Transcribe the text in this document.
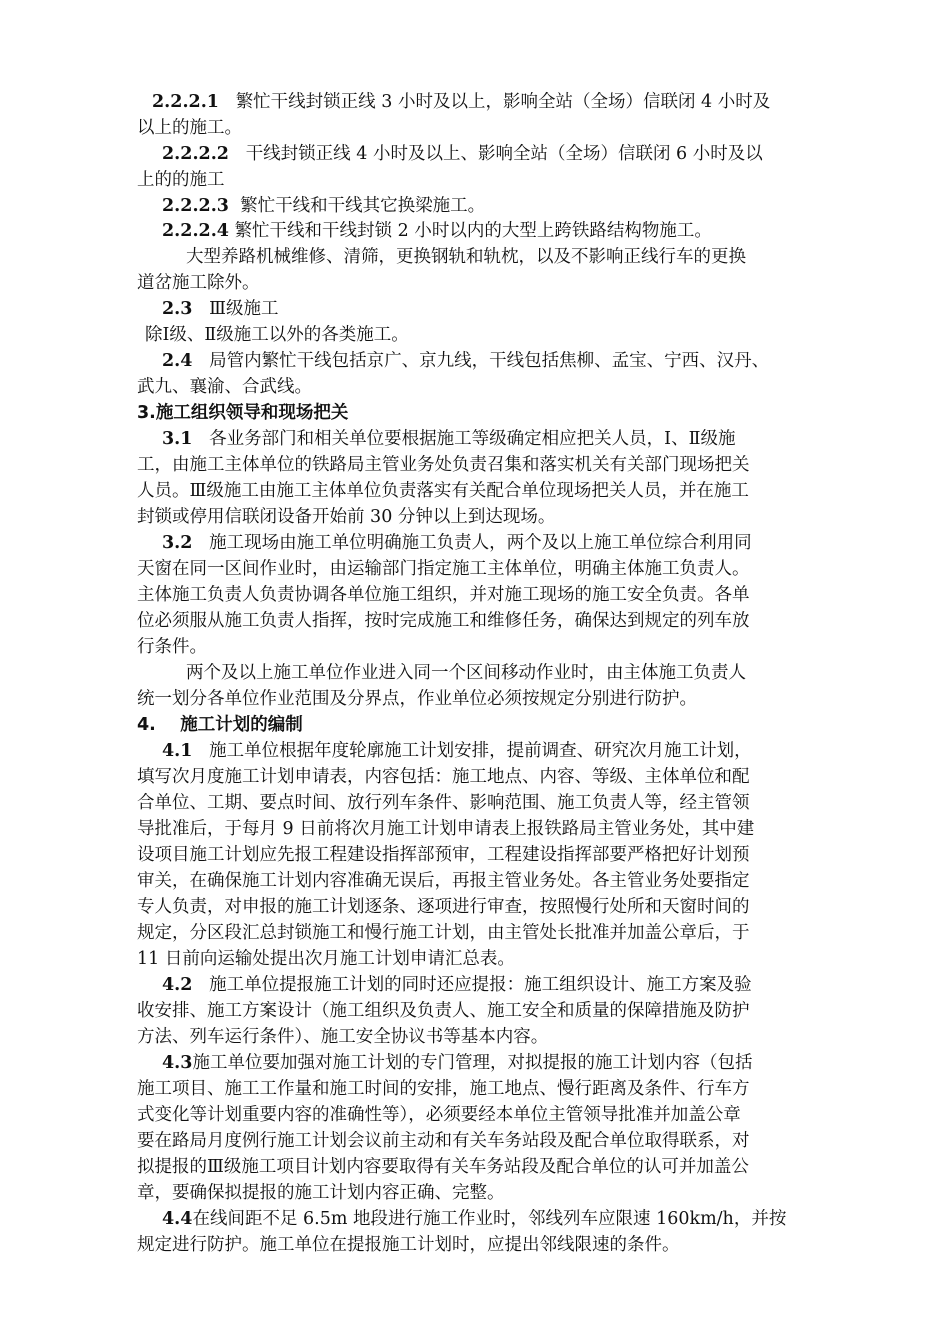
2.2.2.1 繁忙干线封锁正线 3 小时及以上，影响全站（全场）信联闭 4 小时及
以上的施工。
2.2.2.2 干线封锁正线 4 小时及以上、影响全站（全场）信联闭 6 小时及以
上的的施工
2.2.2.3 繁忙干线和干线其它换梁施工。
2.2.2.4 繁忙干线和干线封锁 2 小时以内的大型上跨铁路结构物施工。
大型养路机械维修、清筛，更换钢轨和轨枕，以及不影响正线行车的更换
道岔施工除外。
2.3 Ⅲ级施工
除Ⅰ级、Ⅱ级施工以外的各类施工。
2.4 局管内繁忙干线包括京广、京九线，干线包括焦柳、孟宝、宁西、汉丹、
武九、襄渝、合武线。
3.施工组织领导和现场把关
3.1 各业务部门和相关单位要根据施工等级确定相应把关人员，Ⅰ、Ⅱ级施
工，由施工主体单位的铁路局主管业务处负责召集和落实机关有关部门现场把关
人员。Ⅲ级施工由施工主体单位负责落实有关配合单位现场把关人员，并在施工
封锁或停用信联闭设备开始前 30 分钟以上到达现场。
3.2 施工现场由施工单位明确施工负责人，两个及以上施工单位综合利用同
天窗在同一区间作业时，由运输部门指定施工主体单位，明确主体施工负责人。
主体施工负责人负责协调各单位施工组织，并对施工现场的施工安全负责。各单
位必须服从施工负责人指挥，按时完成施工和维修任务，确保达到规定的列车放
行条件。
两个及以上施工单位作业进入同一个区间移动作业时，由主体施工负责人
统一划分各单位作业范围及分界点，作业单位必须按规定分别进行防护。
4.    施工计划的编制
4.1 施工单位根据年度轮廓施工计划安排，提前调查、研究次月施工计划，
填写次月度施工计划申请表，内容包括：施工地点、内容、等级、主体单位和配
合单位、工期、要点时间、放行列车条件、影响范围、施工负责人等，经主管领
导批准后，于每月 9 日前将次月施工计划申请表上报铁路局主管业务处，其中建
设项目施工计划应先报工程建设指挥部预审，工程建设指挥部要严格把好计划预
审关，在确保施工计划内容准确无误后，再报主管业务处。各主管业务处要指定
专人负责，对申报的施工计划逐条、逐项进行审查，按照慢行处所和天窗时间的
规定，分区段汇总封锁施工和慢行施工计划，由主管处长批准并加盖公章后，于
11 日前向运输处提出次月施工计划申请汇总表。
4.2 施工单位提报施工计划的同时还应提报：施工组织设计、施工方案及验
收安排、施工方案设计（施工组织及负责人、施工安全和质量的保障措施及防护
方法、列车运行条件）、施工安全协议书等基本内容。
4.3施工单位要加强对施工计划的专门管理，对拟提报的施工计划内容（包括
施工项目、施工工作量和施工时间的安排，施工地点、慢行距离及条件、行车方
式变化等计划重要内容的准确性等），必须要经本单位主管领导批准并加盖公章
要在路局月度例行施工计划会议前主动和有关车务站段及配合单位取得联系，对
拟提报的Ⅲ级施工项目计划内容要取得有关车务站段及配合单位的认可并加盖公
章，要确保拟提报的施工计划内容正确、完整。
4.4在线间距不足 6.5m 地段进行施工作业时，邻线列车应限速 160km/h，并按
规定进行防护。施工单位在提报施工计划时，应提出邻线限速的条件。
